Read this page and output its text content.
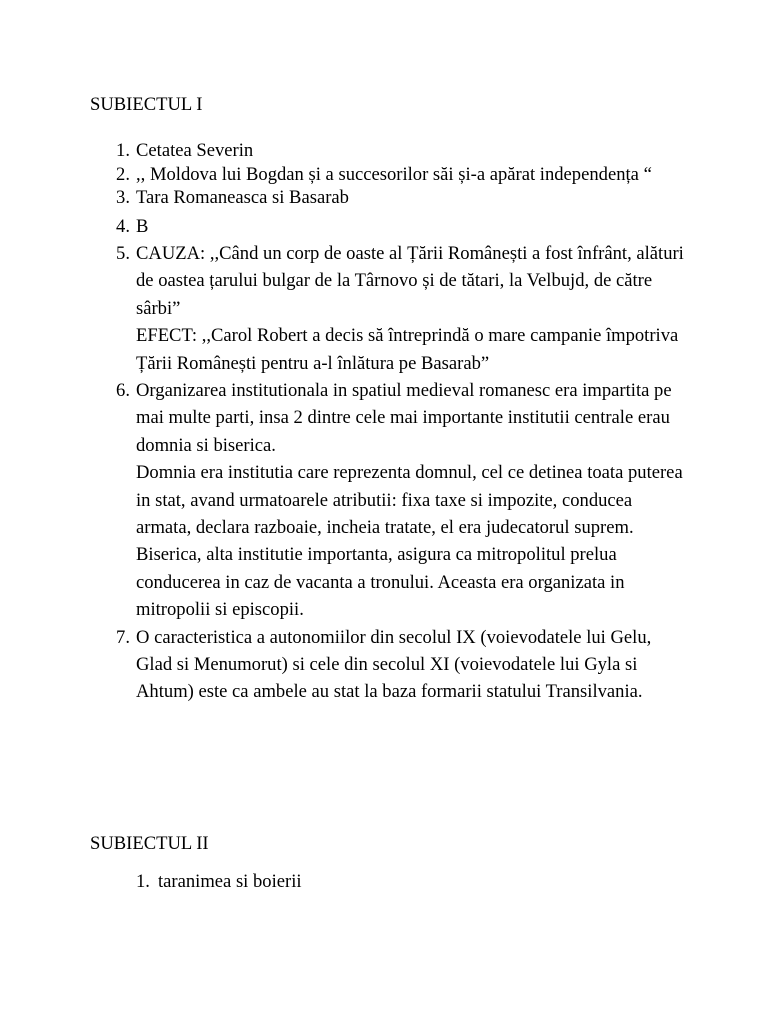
SUBIECTUL I
1. Cetatea Severin
2. ,, Moldova lui Bogdan și a succesorilor săi și-a apărat independența “
3. Tara Romaneasca si Basarab
4. B
5. CAUZA: ,,Când un corp de oaste al Țării Românești a fost înfrânt, alături de oastea țarului bulgar de la Târnovo și de tătari, la Velbujd, de către sârbi”

EFECT: ,,Carol Robert a decis să întreprindă o mare campanie împotriva Țării Românești pentru a-l înlătura pe Basarab”

6. Organizarea institutionala in spatiul medieval romanesc era impartita pe mai multe parti, insa 2 dintre cele mai importante institutii centrale erau domnia si biserica.

Domnia era institutia care reprezenta domnul, cel ce detinea toata puterea in stat, avand urmatoarele atributii: fixa taxe si impozite, conducea armata, declara razboaie, incheia tratate, el era judecatorul suprem.

Biserica, alta institutie importanta, asigura ca mitropolitul prelua conducerea in caz de vacanta a tronului. Aceasta era organizata in mitropolii si episcopii.

7. O caracteristica a autonomiilor din secolul IX (voievodatele lui Gelu, Glad si Menumorut) si cele din secolul XI (voievodatele lui Gyla si Ahtum) este ca ambele au stat la baza formarii statului Transilvania.
SUBIECTUL II
1. taranimea si boierii
